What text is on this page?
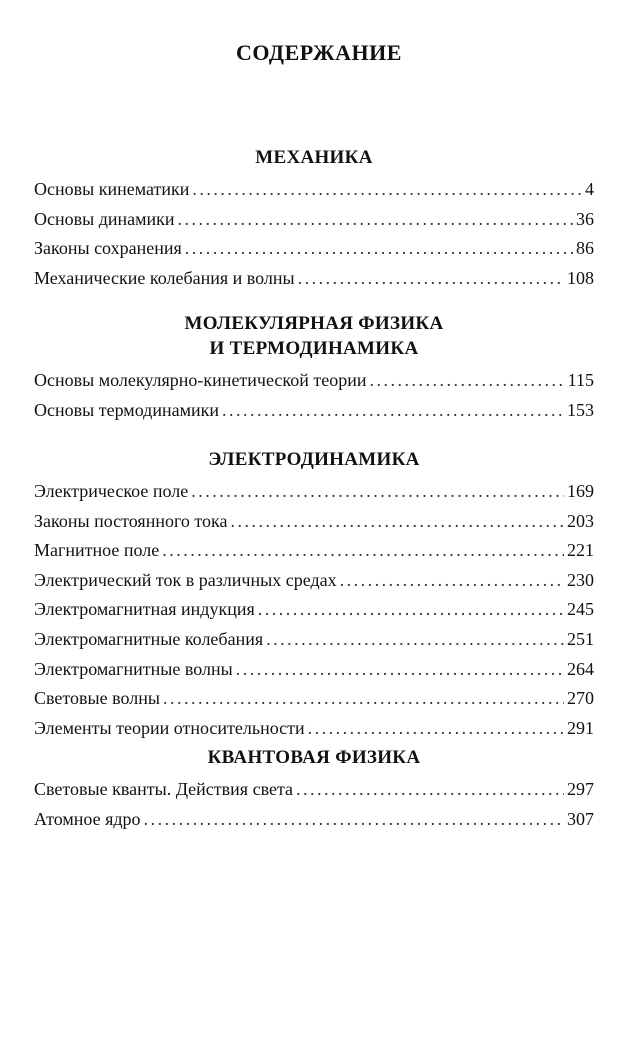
СОДЕРЖАНИЕ
МЕХАНИКА
Основы кинематики . . .	4
Основы динамики . . .	36
Законы сохранения . . .	86
Механические колебания и волны . . .	108
МОЛЕКУЛЯРНАЯ ФИЗИКА
И ТЕРМОДИНАМИКА
Основы молекулярно-кинетической теории . . .	115
Основы термодинамики . . .	153
ЭЛЕКТРОДИНАМИКА
Электрическое поле . . .	169
Законы постоянного тока . . .	203
Магнитное поле . . .	221
Электрический ток в различных средах . . .	230
Электромагнитная индукция . . .	245
Электромагнитные колебания . . .	251
Электромагнитные волны . . .	264
Световые волны . . .	270
Элементы теории относительности . . .	291
КВАНТОВАЯ ФИЗИКА
Световые кванты. Действия света . . .	297
Атомное ядро . . .	307
